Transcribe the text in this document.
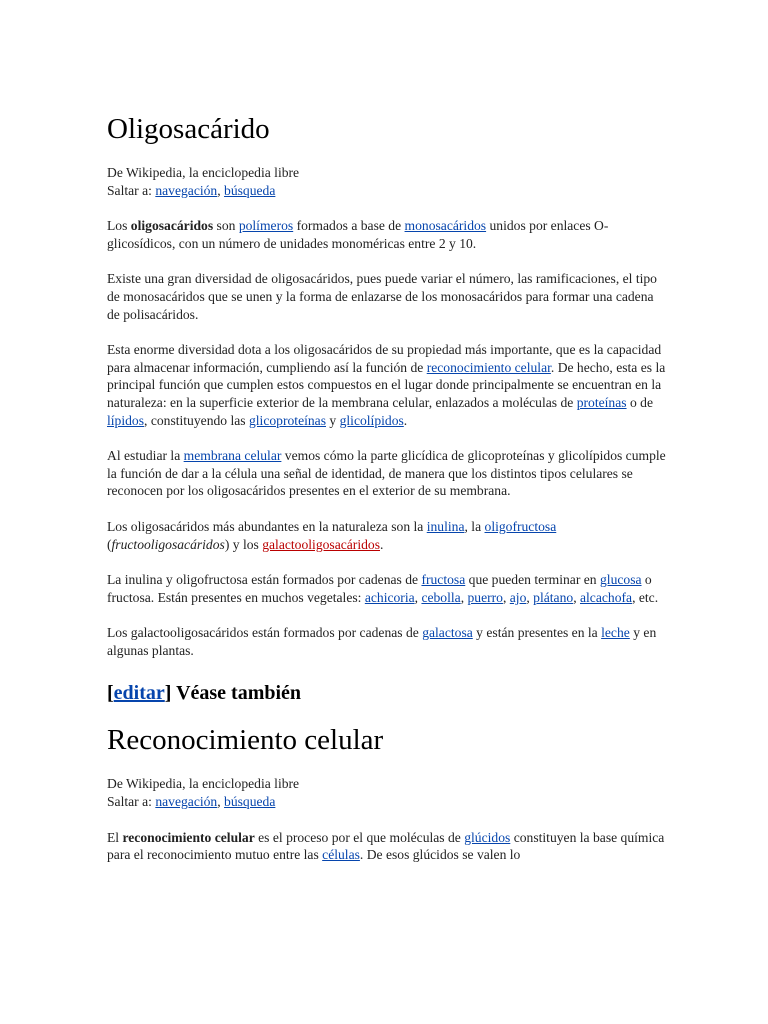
Oligosacárido

De Wikipedia, la enciclopedia libre
Saltar a: navegación, búsqueda

Los oligosacáridos son polímeros formados a base de monosacáridos unidos por enlaces O-glicosídicos, con un número de unidades monoméricas entre 2 y 10.

Existe una gran diversidad de oligosacáridos, pues puede variar el número, las ramificaciones, el tipo de monosacáridos que se unen y la forma de enlazarse de los monosacáridos para formar una cadena de polisacáridos.

Esta enorme diversidad dota a los oligosacáridos de su propiedad más importante, que es la capacidad para almacenar información, cumpliendo así la función de reconocimiento celular. De hecho, esta es la principal función que cumplen estos compuestos en el lugar donde principalmente se encuentran en la naturaleza: en la superficie exterior de la membrana celular, enlazados a moléculas de proteínas o de lípidos, constituyendo las glicoproteínas y glicolípidos.

Al estudiar la membrana celular vemos cómo la parte glicídica de glicoproteínas y glicolípidos cumple la función de dar a la célula una señal de identidad, de manera que los distintos tipos celulares se reconocen por los oligosacáridos presentes en el exterior de su membrana.

Los oligosacáridos más abundantes en la naturaleza son la inulina, la oligofructosa (fructooligosacáridos) y los galactooligosacáridos.

La inulina y oligofructosa están formados por cadenas de fructosa que pueden terminar en glucosa o fructosa. Están presentes en muchos vegetales: achicoria, cebolla, puerro, ajo, plátano, alcachofa, etc.

Los galactooligosacáridos están formados por cadenas de galactosa y están presentes en la leche y en algunas plantas.

[editar] Véase también
Reconocimiento celular

De Wikipedia, la enciclopedia libre
Saltar a: navegación, búsqueda

El reconocimiento celular es el proceso por el que moléculas de glúcidos constituyen la base química para el reconocimiento mutuo entre las células. De esos glúcidos se valen lo
